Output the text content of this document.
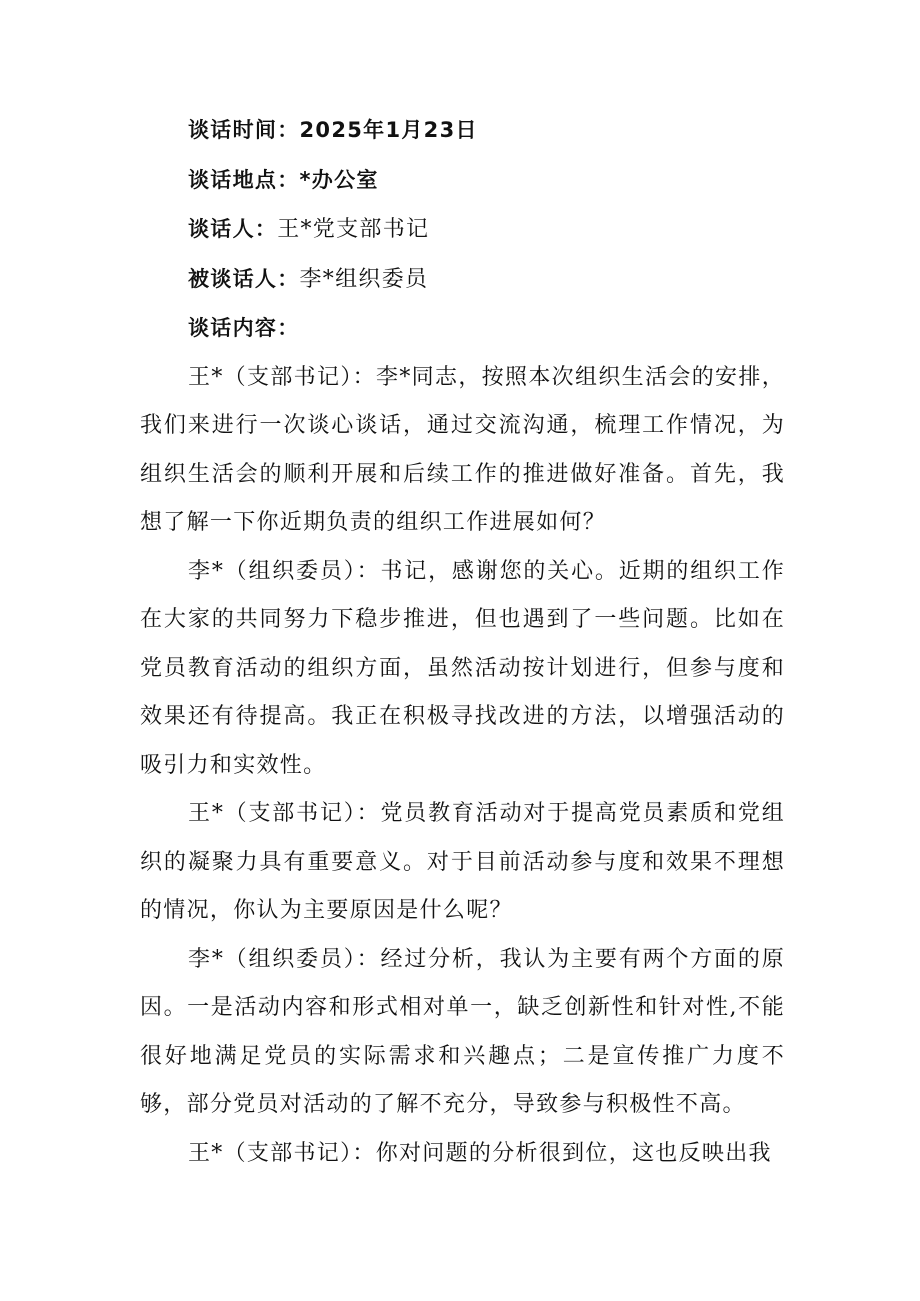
谈话时间：2025年1月23日

谈话地点：*办公室

谈话人：王*党支部书记

被谈话人：李*组织委员

谈话内容：

王*（支部书记）：李*同志，按照本次组织生活会的安排，我们来进行一次谈心谈话，通过交流沟通，梳理工作情况，为组织生活会的顺利开展和后续工作的推进做好准备。首先，我想了解一下你近期负责的组织工作进展如何？

李*（组织委员）：书记，感谢您的关心。近期的组织工作在大家的共同努力下稳步推进，但也遇到了一些问题。比如在党员教育活动的组织方面，虽然活动按计划进行，但参与度和效果还有待提高。我正在积极寻找改进的方法，以增强活动的吸引力和实效性。

王*（支部书记）：党员教育活动对于提高党员素质和党组织的凝聚力具有重要意义。对于目前活动参与度和效果不理想的情况，你认为主要原因是什么呢？

李*（组织委员）：经过分析，我认为主要有两个方面的原因。一是活动内容和形式相对单一，缺乏创新性和针对性,不能很好地满足党员的实际需求和兴趣点；二是宣传推广力度不够，部分党员对活动的了解不充分，导致参与积极性不高。

王*（支部书记）：你对问题的分析很到位，这也反映出我
